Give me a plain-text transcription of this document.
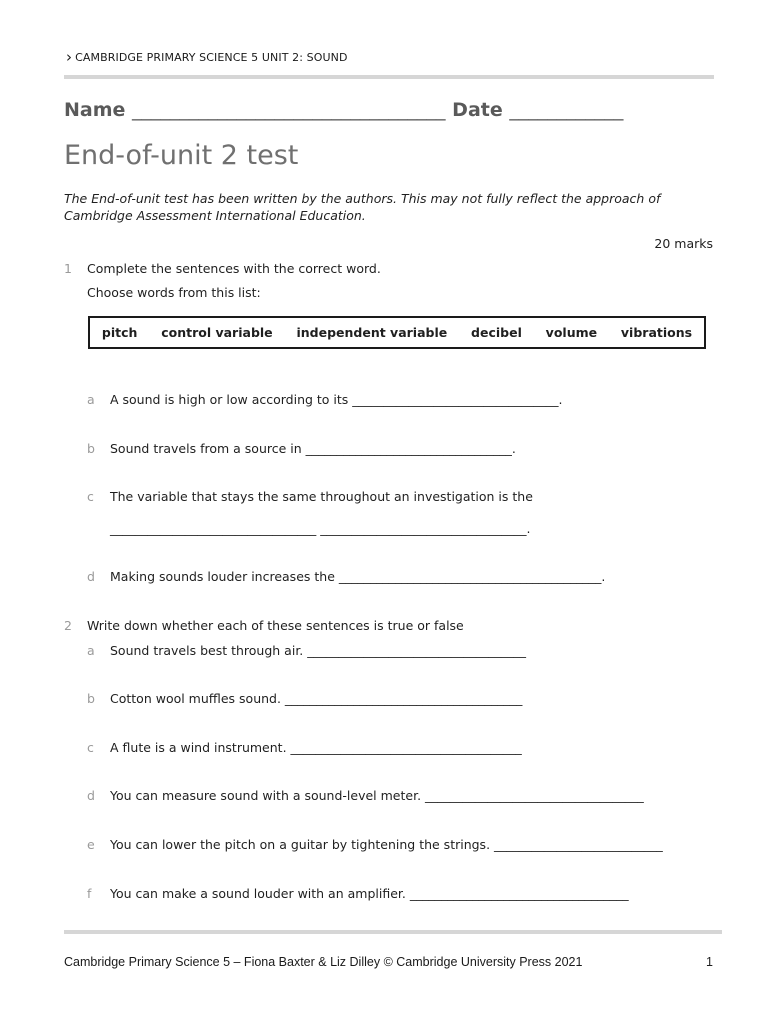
› CAMBRIDGE PRIMARY SCIENCE 5 UNIT 2: SOUND
Name _________________________________ Date ____________
End-of-unit 2 test
The End-of-unit test has been written by the authors. This may not fully reflect the approach of Cambridge Assessment International Education.
20 marks
1 Complete the sentences with the correct word.
Choose words from this list:
pitch control variable independent variable decibel volume vibrations
a A sound is high or low according to its _________________________________.
b Sound travels from a source in _________________________________.
c The variable that stays the same throughout an investigation is the
_________________________________ _________________________________.
d Making sounds louder increases the __________________________________________.
2 Write down whether each of these sentences is true or false
a Sound travels best through air. ___________________________________
b Cotton wool muffles sound. ______________________________________
c A flute is a wind instrument. _____________________________________
d You can measure sound with a sound-level meter. ___________________________________
e You can lower the pitch on a guitar by tightening the strings. ___________________________
f You can make a sound louder with an amplifier. ___________________________________
Cambridge Primary Science 5 – Fiona Baxter & Liz Dilley © Cambridge University Press 2021	1
